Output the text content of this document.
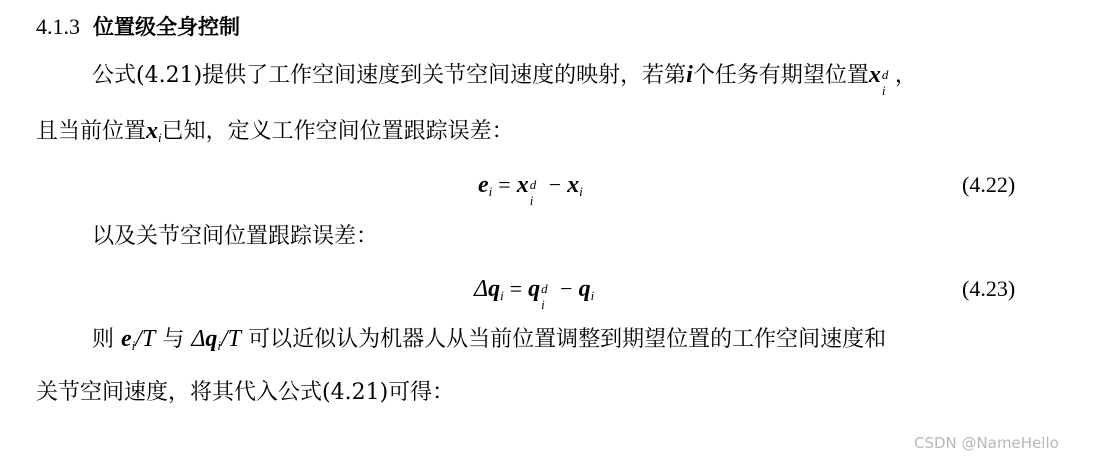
4.1.3 位置级全身控制
公式(4.21)提供了工作空间速度到关节空间速度的映射，若第i个任务有期望位置x d
i
，
且当前位置$x_i$已知，定义工作空间位置跟踪误差：
$e_i = x$ d
i
− $x_i$	(4.22)
以及关节空间位置跟踪误差：
$\Delta q_i = q$ d
i
− $q_i$	(4.23)
则 $e_i/T$ 与 $\Delta q_i/T$ 可以近似认为机器人从当前位置调整到期望位置的工作空间速度和
关节空间速度，将其代入公式(4.21)可得：
CSDN @NameHello
